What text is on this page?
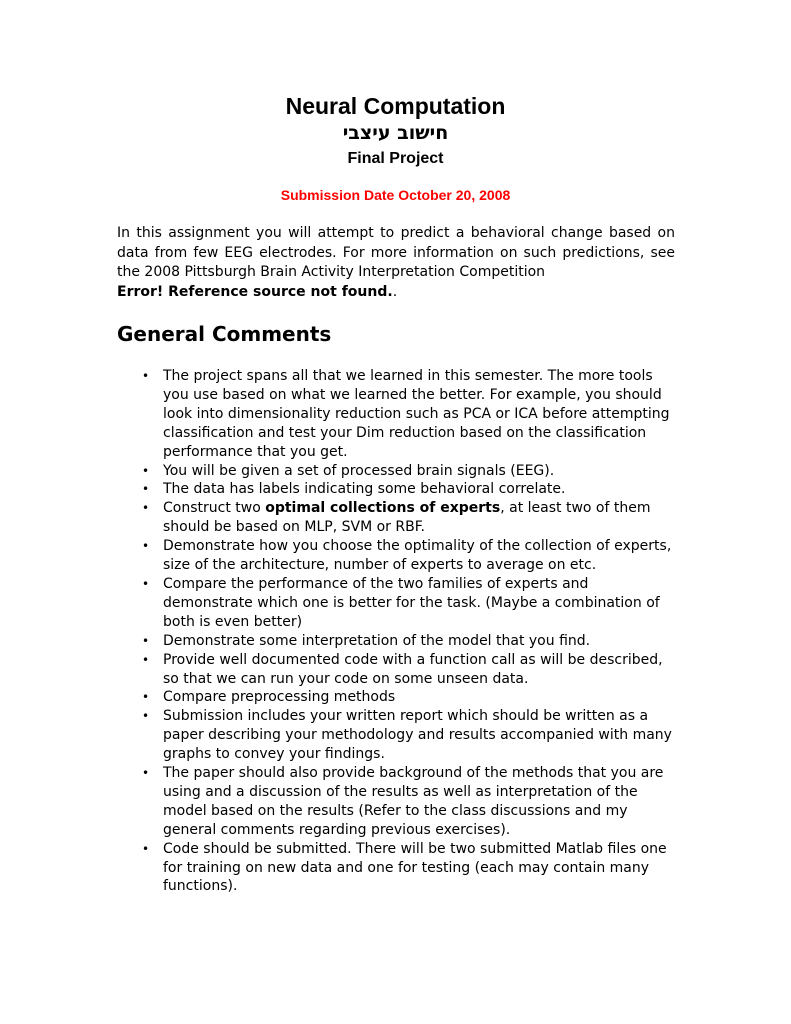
Neural Computation

חישוב עיצבי

Final Project

Submission Date October 20, 2008

In this assignment you will attempt to predict a behavioral change based on data from few EEG electrodes. For more information on such predictions, see the 2008 Pittsburgh Brain Activity Interpretation Competition
Error! Reference source not found..

General Comments
• The project spans all that we learned in this semester. The more tools you use based on what we learned the better. For example, you should look into dimensionality reduction such as PCA or ICA before attempting classification and test your Dim reduction based on the classification performance that you get.
• You will be given a set of processed brain signals (EEG).
• The data has labels indicating some behavioral correlate.
• Construct two optimal collections of experts, at least two of them should be based on MLP, SVM or RBF.
• Demonstrate how you choose the optimality of the collection of experts, size of the architecture, number of experts to average on etc.
• Compare the performance of the two families of experts and demonstrate which one is better for the task. (Maybe a combination of both is even better)
• Demonstrate some interpretation of the model that you find.
• Provide well documented code with a function call as will be described, so that we can run your code on some unseen data.
• Compare preprocessing methods
• Submission includes your written report which should be written as a paper describing your methodology and results accompanied with many graphs to convey your findings.
• The paper should also provide background of the methods that you are using and a discussion of the results as well as interpretation of the model based on the results (Refer to the class discussions and my general comments regarding previous exercises).
• Code should be submitted. There will be two submitted Matlab files one for training on new data and one for testing (each may contain many functions).
